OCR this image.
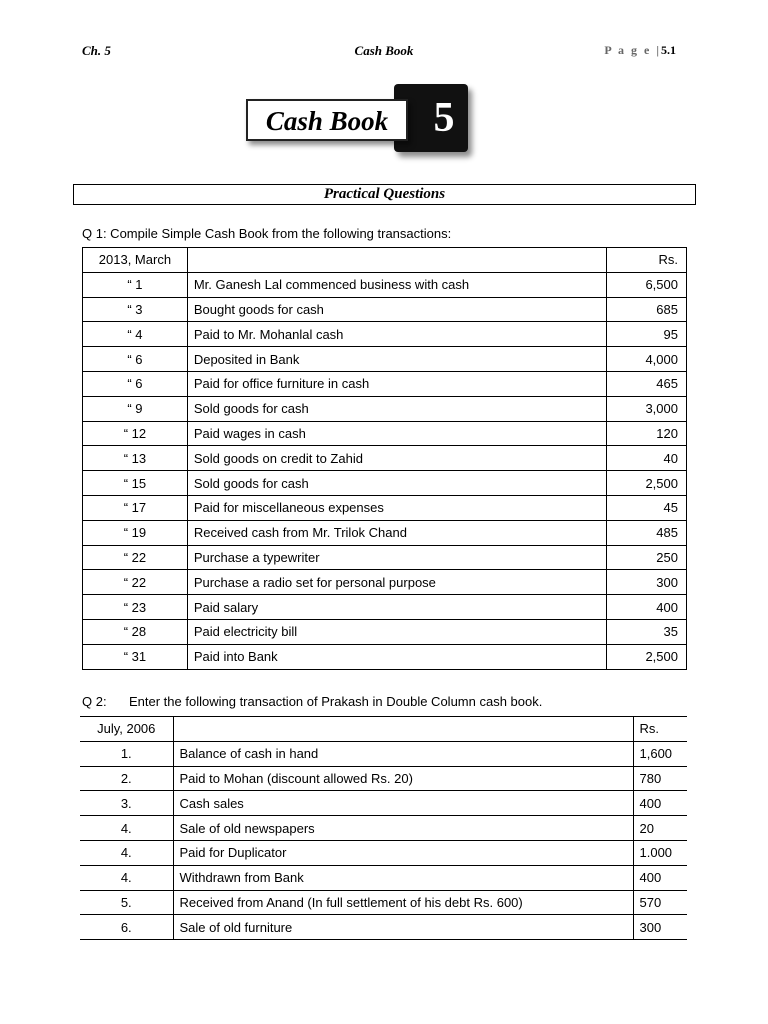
Ch. 5	Cash Book	P a g e |5.1
5
Cash Book
Practical Questions
Q 1: Compile Simple Cash Book from the following transactions:
2013, March		Rs.
“ 1	Mr. Ganesh Lal commenced business with cash	6,500
“ 3	Bought goods for cash	685
“ 4	Paid to Mr. Mohanlal cash	95
“ 6	Deposited in Bank	4,000
“ 6	Paid for office furniture in cash	465
“ 9	Sold goods for cash	3,000
“ 12	Paid wages in cash	120
“ 13	Sold goods on credit to Zahid	40
“ 15	Sold goods for cash	2,500
“ 17	Paid for miscellaneous expenses	45
“ 19	Received cash from Mr. Trilok Chand	485
“ 22	Purchase a typewriter	250
“ 22	Purchase a radio set for personal purpose	300
“ 23	Paid salary	400
“ 28	Paid electricity bill	35
“ 31	Paid into Bank	2,500
Q 2: Enter the following transaction of Prakash in Double Column cash book.
July, 2006		Rs.
1.	Balance of cash in hand	1,600
2.	Paid to Mohan (discount allowed Rs. 20)	780
3.	Cash sales	400
4.	Sale of old newspapers	20
4.	Paid for Duplicator	1.000
4.	Withdrawn from Bank	400
5.	Received from Anand (In full settlement of his debt Rs. 600)	570
6.	Sale of old furniture	300
